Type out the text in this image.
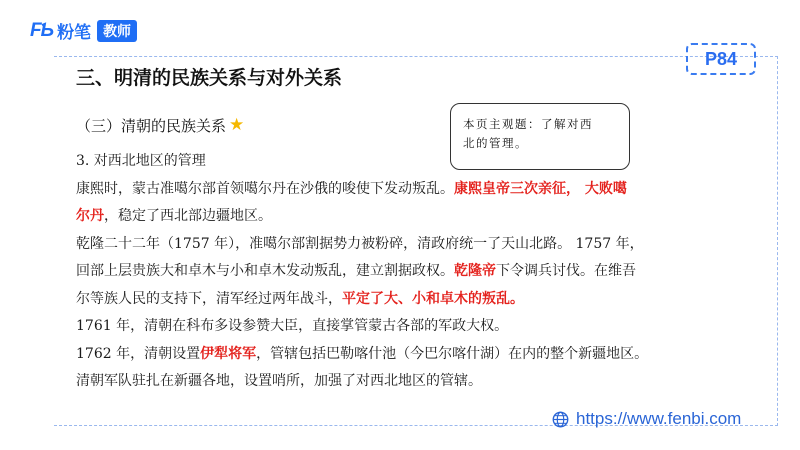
FƄ 粉笔 教师
P84
三、明清的民族关系与对外关系
（三）清朝的民族关系 ★	本页主观题：了解对西
北的管理。
3. 对西北地区的管理
康熙时，蒙古准噶尔部首领噶尔丹在沙俄的唆使下发动叛乱。康熙皇帝三次亲征， 大败噶
尔丹，稳定了西北部边疆地区。
乾隆二十二年（1757 年），准噶尔部割据势力被粉碎，清政府统一了天山北路。 1757 年，
回部上层贵族大和卓木与小和卓木发动叛乱，建立割据政权。乾隆帝下令调兵讨伐。在维吾
尔等族人民的支持下，清军经过两年战斗，平定了大、小和卓木的叛乱。
1761 年，清朝在科布多设参赞大臣，直接掌管蒙古各部的军政大权。
1762 年，清朝设置伊犁将军，管辖包括巴勒喀什池（今巴尔喀什湖）在内的整个新疆地区。
清朝军队驻扎在新疆各地，设置哨所，加强了对西北地区的管辖。
https://www.fenbi.com
